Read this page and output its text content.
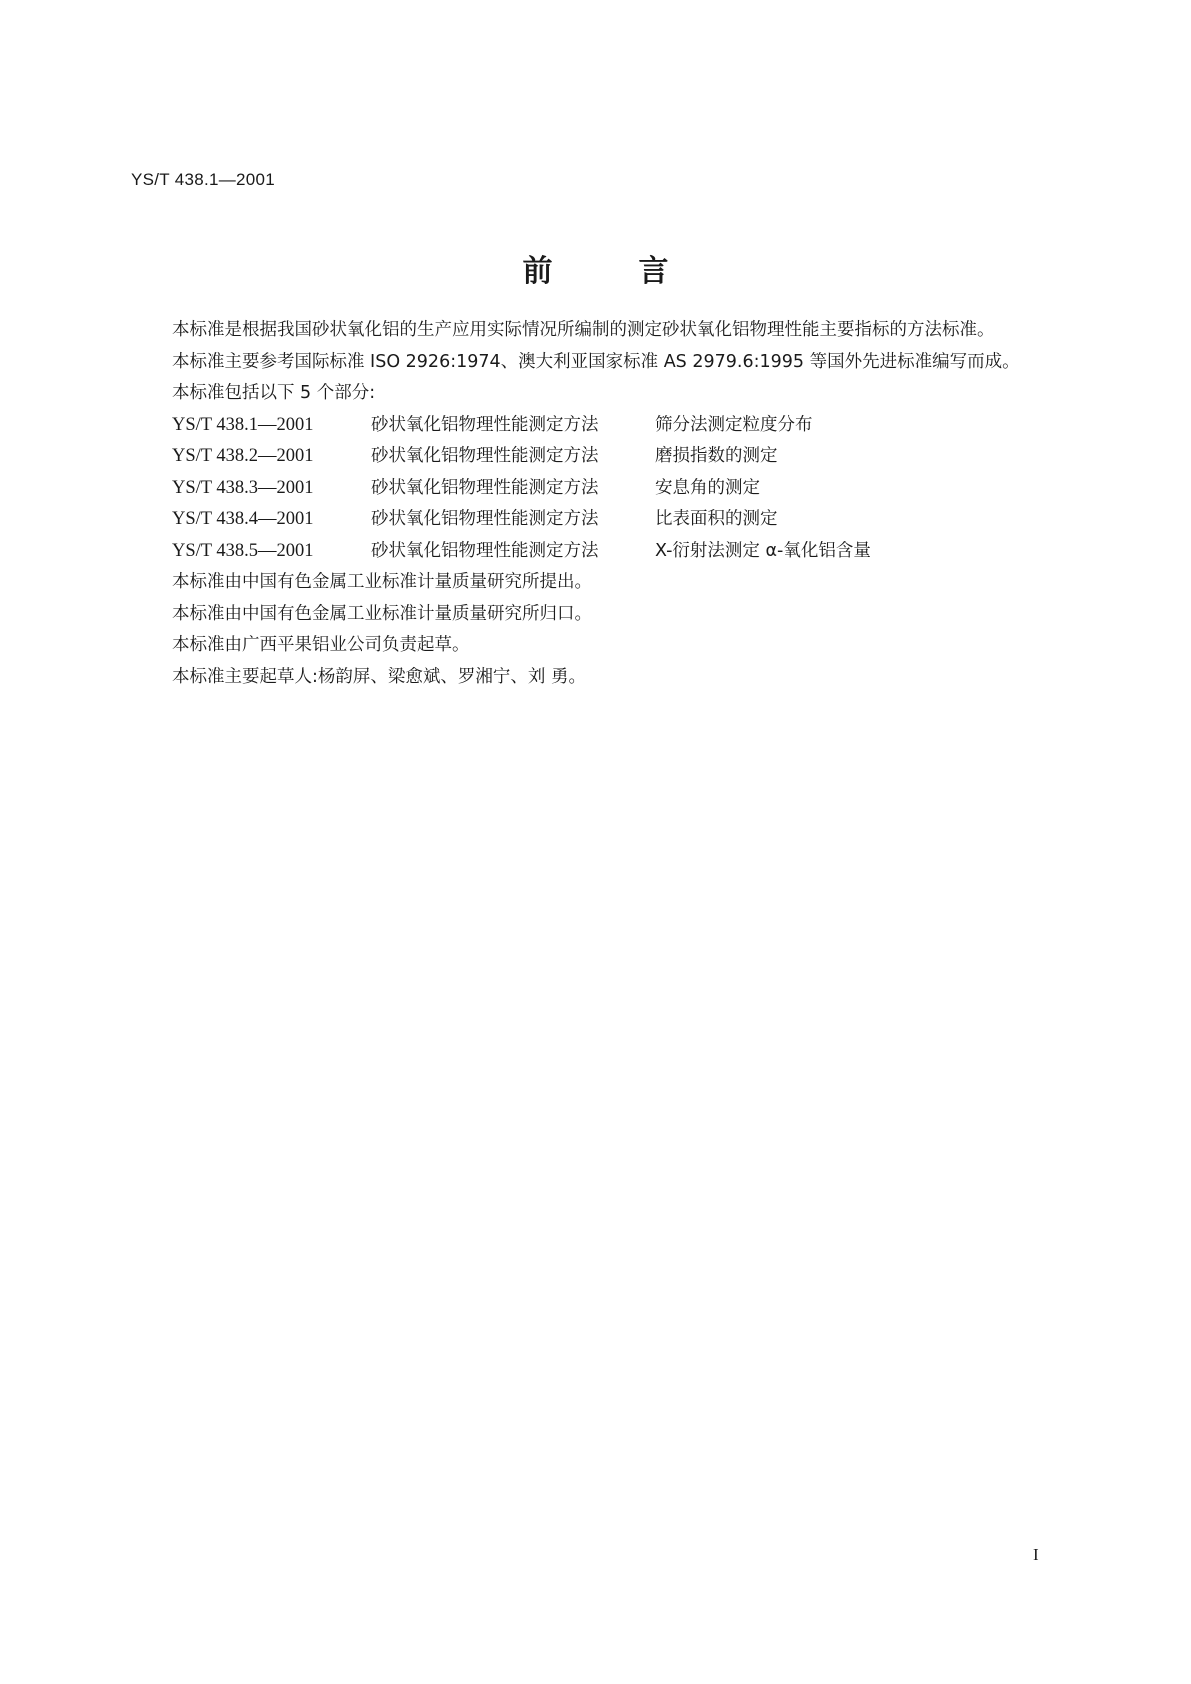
YS/T 438.1—2001
前言

本标准是根据我国砂状氧化铝的生产应用实际情况所编制的测定砂状氧化铝物理性能主要指标的方法标准。

本标准主要参考国际标准 ISO 2926:1974、澳大利亚国家标准 AS 2979.6:1995 等国外先进标准编写而成。

本标准包括以下 5 个部分:

YS/T 438.1—2001	砂状氧化铝物理性能测定方法	筛分法测定粒度分布
YS/T 438.2—2001	砂状氧化铝物理性能测定方法	磨损指数的测定
YS/T 438.3—2001	砂状氧化铝物理性能测定方法	安息角的测定
YS/T 438.4—2001	砂状氧化铝物理性能测定方法	比表面积的测定
YS/T 438.5—2001	砂状氧化铝物理性能测定方法	X-衍射法测定 α-氧化铝含量

本标准由中国有色金属工业标准计量质量研究所提出。

本标准由中国有色金属工业标准计量质量研究所归口。

本标准由广西平果铝业公司负责起草。

本标准主要起草人:杨韵屏、梁愈斌、罗湘宁、刘 勇。

I
